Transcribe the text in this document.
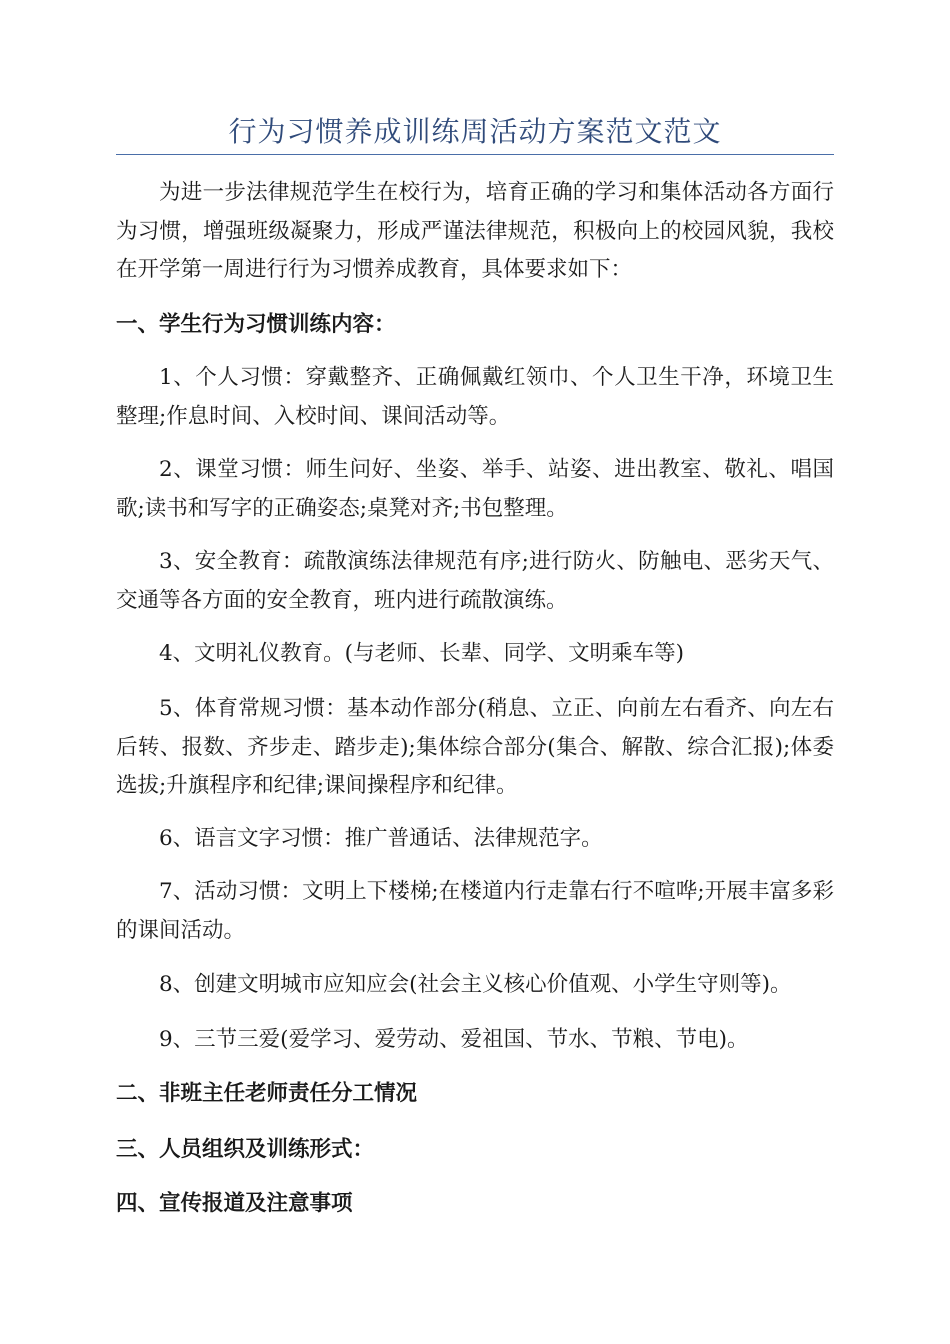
行为习惯养成训练周活动方案范文范文

为进一步法律规范学生在校行为，培育正确的学习和集体活动各方面行为习惯，增强班级凝聚力，形成严谨法律规范，积极向上的校园风貌，我校在开学第一周进行行为习惯养成教育，具体要求如下：

一、学生行为习惯训练内容：

1、个人习惯：穿戴整齐、正确佩戴红领巾、个人卫生干净，环境卫生整理;作息时间、入校时间、课间活动等。

2、课堂习惯：师生问好、坐姿、举手、站姿、进出教室、敬礼、唱国歌;读书和写字的正确姿态;桌凳对齐;书包整理。

3、安全教育：疏散演练法律规范有序;进行防火、防触电、恶劣天气、交通等各方面的安全教育，班内进行疏散演练。

4、文明礼仪教育。(与老师、长辈、同学、文明乘车等)

5、体育常规习惯：基本动作部分(稍息、立正、向前左右看齐、向左右后转、报数、齐步走、踏步走);集体综合部分(集合、解散、综合汇报);体委选拔;升旗程序和纪律;课间操程序和纪律。

6、语言文字习惯：推广普通话、法律规范字。

7、活动习惯：文明上下楼梯;在楼道内行走靠右行不喧哗;开展丰富多彩的课间活动。

8、创建文明城市应知应会(社会主义核心价值观、小学生守则等)。

9、三节三爱(爱学习、爱劳动、爱祖国、节水、节粮、节电)。

二、非班主任老师责任分工情况

三、人员组织及训练形式：

四、宣传报道及注意事项
